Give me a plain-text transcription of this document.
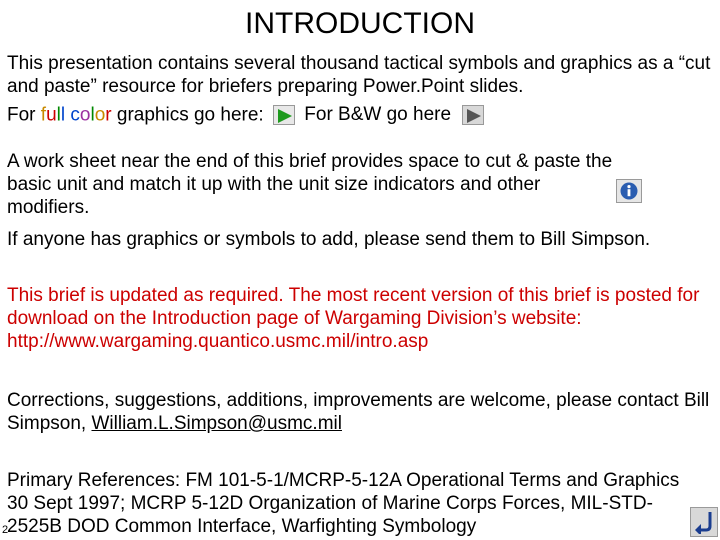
INTRODUCTION

This presentation contains several thousand tactical symbols and graphics as a “cut and paste” resource for briefers preparing Power.Point slides.

For full color graphics go here: For B&W go here

A work sheet near the end of this brief provides space to cut & paste the basic unit and match it up with the unit size indicators and other modifiers.

If anyone has graphics or symbols to add, please send them to Bill Simpson.

This brief is updated as required. The most recent version of this brief is posted for download on the Introduction page of Wargaming Division’s website: http://www.wargaming.quantico.usmc.mil/intro.asp

Corrections, suggestions, additions, improvements are welcome, please contact Bill Simpson, William.L.Simpson@usmc.mil

Primary References: FM 101-5-1/MCRP-5-12A Operational Terms and Graphics 30 Sept 1997; MCRP 5-12D Organization of Marine Corps Forces, MIL-STD-2525B DOD Common Interface, Warfighting Symbology

2
